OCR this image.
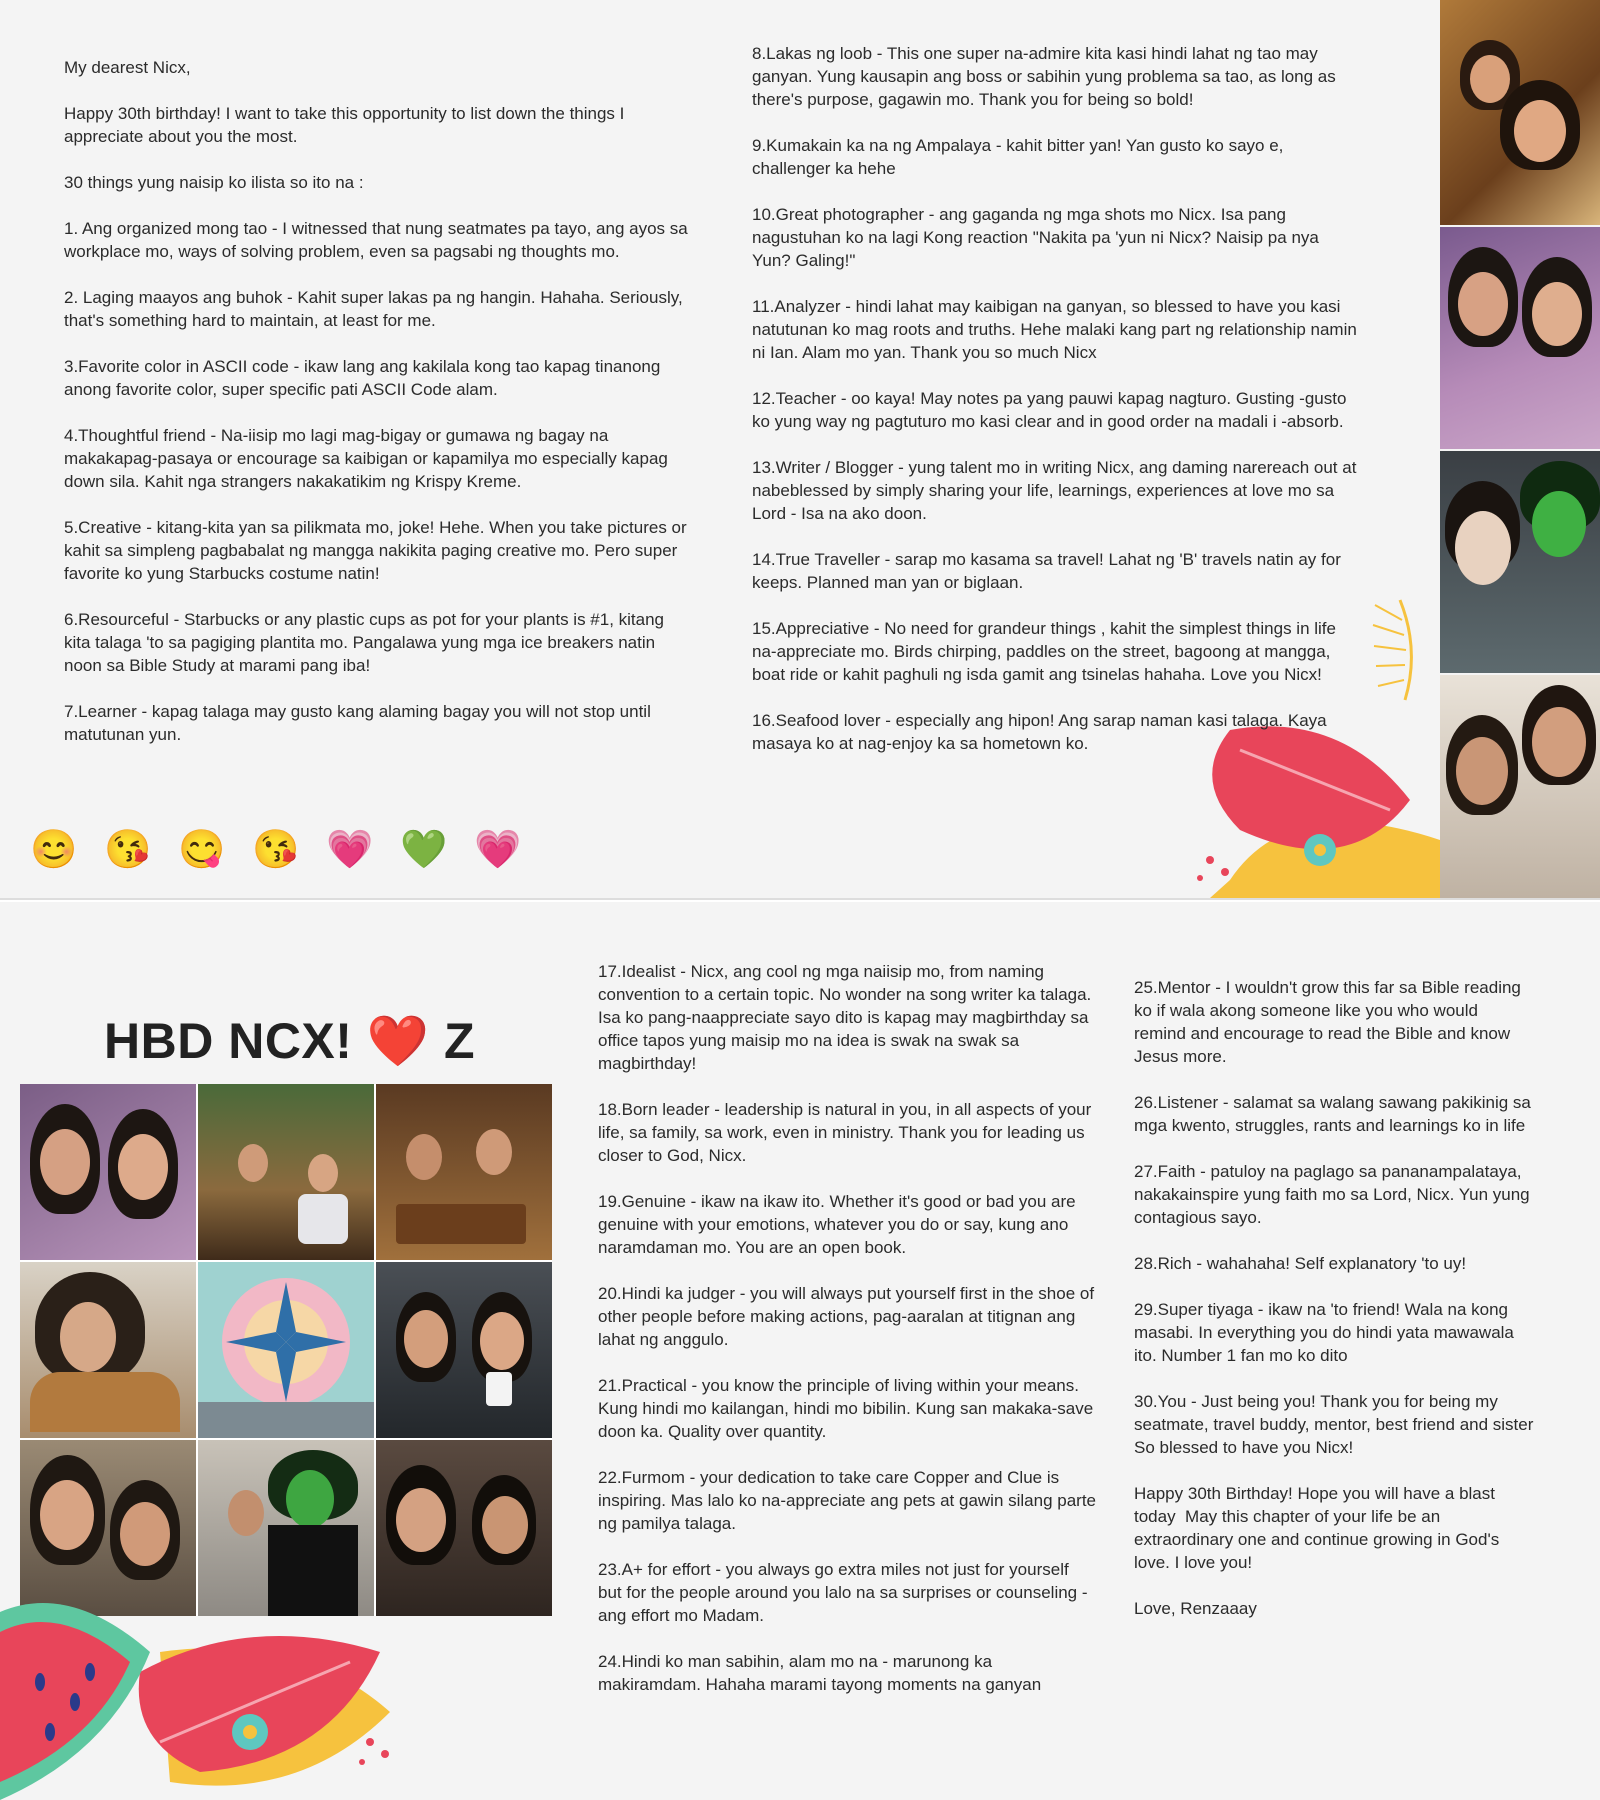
My dearest Nicx,

Happy 30th birthday! I want to take this opportunity to list down the things I appreciate about you the most.

30 things yung naisip ko ilista so ito na :

1. Ang organized mong tao - I witnessed that nung seatmates pa tayo, ang ayos sa workplace mo, ways of solving problem, even sa pagsabi ng thoughts mo.

2. Laging maayos ang buhok - Kahit super lakas pa ng hangin. Hahaha. Seriously, that's something hard to maintain, at least for me.

3.Favorite color in ASCII code - ikaw lang ang kakilala kong tao kapag tinanong anong favorite color, super specific pati ASCII Code alam.

4.Thoughtful friend - Na-iisip mo lagi mag-bigay or gumawa ng bagay na makakapag-pasaya or encourage sa kaibigan or kapamilya mo especially kapag down sila. Kahit nga strangers nakakatikim ng Krispy Kreme.

5.Creative - kitang-kita yan sa pilikmata mo, joke! Hehe. When you take pictures or kahit sa simpleng pagbabalat ng mangga nakikita paging creative mo. Pero super favorite ko yung Starbucks costume natin!

6.Resourceful - Starbucks or any plastic cups as pot for your plants is #1, kitang kita talaga 'to sa pagiging plantita mo. Pangalawa yung mga ice breakers natin noon sa Bible Study at marami pang iba!

7.Learner - kapag talaga may gusto kang alaming bagay you will not stop until matutunan yun.

😊 😘 😋 😘 💗 💚 💗

8.Lakas ng loob - This one super na-admire kita kasi hindi lahat ng tao may ganyan. Yung kausapin ang boss or sabihin yung problema sa tao, as long as there's purpose, gagawin mo. Thank you for being so bold!

9.Kumakain ka na ng Ampalaya - kahit bitter yan! Yan gusto ko sayo e, challenger ka hehe

10.Great photographer - ang gaganda ng mga shots mo Nicx. Isa pang nagustuhan ko na lagi Kong reaction "Nakita pa 'yun ni Nicx? Naisip pa nya Yun? Galing!"

11.Analyzer - hindi lahat may kaibigan na ganyan, so blessed to have you kasi natutunan ko mag roots and truths. Hehe malaki kang part ng relationship namin ni Ian. Alam mo yan. Thank you so much Nicx

12.Teacher - oo kaya! May notes pa yang pauwi kapag nagturo. Gusting -gusto ko yung way ng pagtuturo mo kasi clear and in good order na madali i -absorb.

13.Writer / Blogger - yung talent mo in writing Nicx, ang daming narereach out at nabeblessed by simply sharing your life, learnings, experiences at love mo sa Lord - Isa na ako doon.

14.True Traveller - sarap mo kasama sa travel! Lahat ng 'B' travels natin ay for keeps. Planned man yan or biglaan.

15.Appreciative - No need for grandeur things , kahit the simplest things in life na-appreciate mo. Birds chirping, paddles on the street, bagoong at mangga, boat ride or kahit paghuli ng isda gamit ang tsinelas hahaha. Love you Nicx!

16.Seafood lover - especially ang hipon! Ang sarap naman kasi talaga. Kaya masaya ko at nag-enjoy ka sa hometown ko.

HBD NCX! ❤️ Z

17.Idealist - Nicx, ang cool ng mga naiisip mo, from naming convention to a certain topic. No wonder na song writer ka talaga. Isa ko pang-naappreciate sayo dito is kapag may magbirthday sa office tapos yung maisip mo na idea is swak na swak sa magbirthday!

18.Born leader - leadership is natural in you, in all aspects of your life, sa family, sa work, even in ministry. Thank you for leading us closer to God, Nicx.

19.Genuine - ikaw na ikaw ito. Whether it's good or bad you are genuine with your emotions, whatever you do or say, kung ano naramdaman mo. You are an open book.

20.Hindi ka judger - you will always put yourself first in the shoe of other people before making actions, pag-aaralan at titignan ang lahat ng anggulo.

21.Practical - you know the principle of living within your means. Kung hindi mo kailangan, hindi mo bibilin. Kung san makaka-save doon ka. Quality over quantity.

22.Furmom - your dedication to take care Copper and Clue is inspiring. Mas lalo ko na-appreciate ang pets at gawin silang parte ng pamilya talaga.

23.A+ for effort - you always go extra miles not just for yourself but for the people around you lalo na sa surprises or counseling - ang effort mo Madam.

24.Hindi ko man sabihin, alam mo na - marunong ka makiramdam. Hahaha marami tayong moments na ganyan

25.Mentor - I wouldn't grow this far sa Bible reading ko if wala akong someone like you who would remind and encourage to read the Bible and know Jesus more.

26.Listener - salamat sa walang sawang pakikinig sa mga kwento, struggles, rants and learnings ko in life

27.Faith - patuloy na paglago sa pananampalataya, nakakainspire yung faith mo sa Lord, Nicx. Yun yung contagious sayo.

28.Rich - wahahaha! Self explanatory 'to uy!

29.Super tiyaga - ikaw na 'to friend! Wala na kong masabi. In everything you do hindi yata mawawala ito. Number 1 fan mo ko dito

30.You - Just being you! Thank you for being my seatmate, travel buddy, mentor, best friend and sister  So blessed to have you Nicx!

Happy 30th Birthday! Hope you will have a blast today  May this chapter of your life be an extraordinary one and continue growing in God's love. I love you!

Love, Renzaaay
